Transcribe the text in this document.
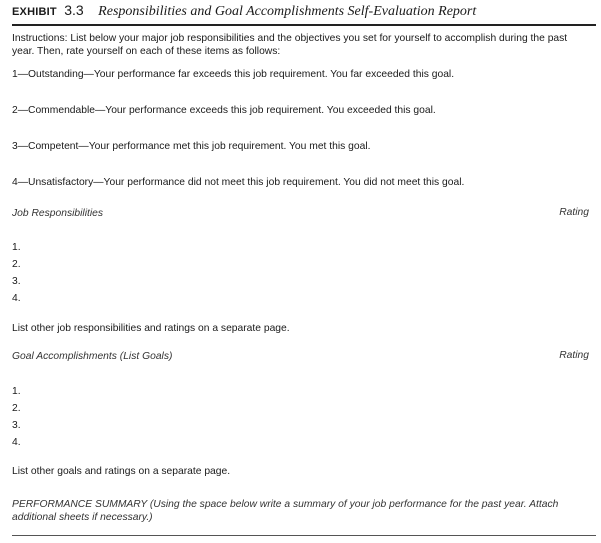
EXHIBIT 3.3 Responsibilities and Goal Accomplishments Self-Evaluation Report
Instructions: List below your major job responsibilities and the objectives you set for yourself to accomplish during the past year. Then, rate yourself on each of these items as follows:
1—Outstanding—Your performance far exceeds this job requirement. You far exceeded this goal.
2—Commendable—Your performance exceeds this job requirement. You exceeded this goal.
3—Competent—Your performance met this job requirement. You met this goal.
4—Unsatisfactory—Your performance did not meet this job requirement. You did not meet this goal.
Job Responsibilities	Rating
1.
2.
3.
4.
List other job responsibilities and ratings on a separate page.
Goal Accomplishments (List Goals)	Rating
1.
2.
3.
4.
List other goals and ratings on a separate page.
PERFORMANCE SUMMARY (Using the space below write a summary of your job performance for the past year. Attach additional sheets if necessary.)
